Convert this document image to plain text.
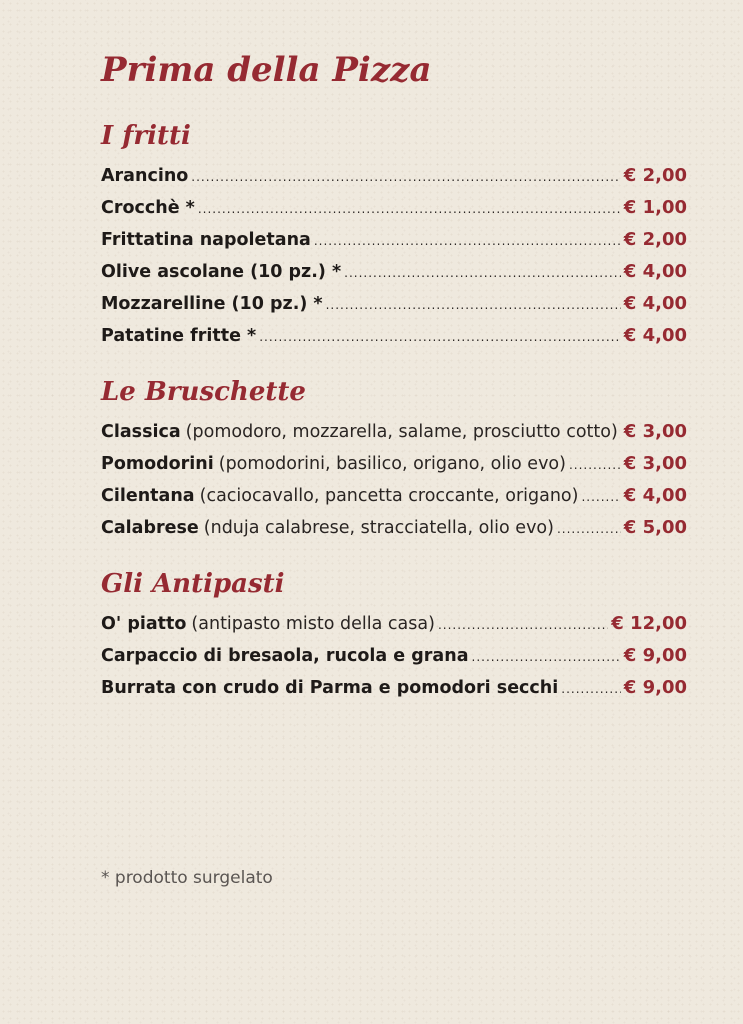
Prima della Pizza
I fritti
Arancino .....	€ 2,00
Crocchè * .....	€ 1,00
Frittatina napoletana .....	€ 2,00
Olive ascolane (10 pz.) * .....	€ 4,00
Mozzarelline (10 pz.) * .....	€ 4,00
Patatine fritte * .....	€ 4,00
Le Bruschette
Classica (pomodoro, mozzarella, salame, prosciutto cotto) € 3,00
Pomodorini (pomodorini, basilico, origano, olio evo) .....	€ 3,00
Cilentana (caciocavallo, pancetta croccante, origano) .....	€ 4,00
Calabrese (nduja calabrese, stracciatella, olio evo) .....	€ 5,00
Gli Antipasti
O' piatto (antipasto misto della casa) .....	€ 12,00
Carpaccio di bresaola, rucola e grana .....	€ 9,00
Burrata con crudo di Parma e pomodori secchi .....	€ 9,00
* prodotto surgelato
